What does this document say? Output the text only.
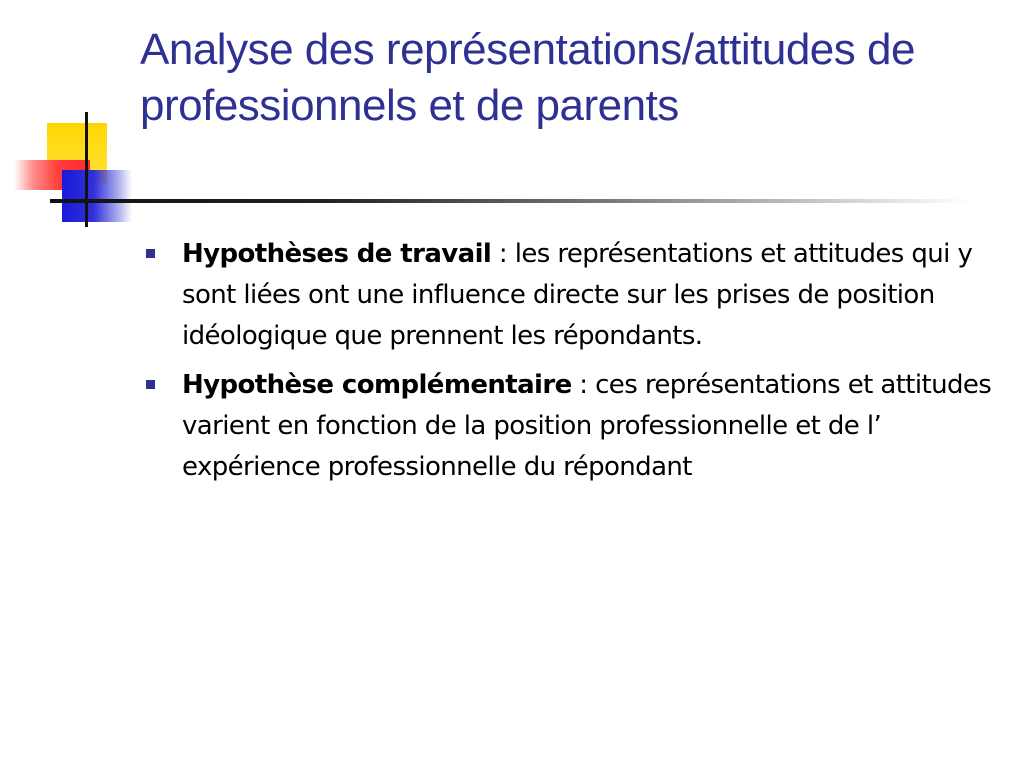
Analyse des représentations/attitudes de professionnels et de parents
Hypothèses de travail : les représentations et attitudes qui y sont liées ont une influence directe sur les prises de position idéologique que prennent les répondants.
Hypothèse complémentaire : ces représentations et attitudes varient en fonction de la position professionnelle et de l’ expérience professionnelle du répondant
